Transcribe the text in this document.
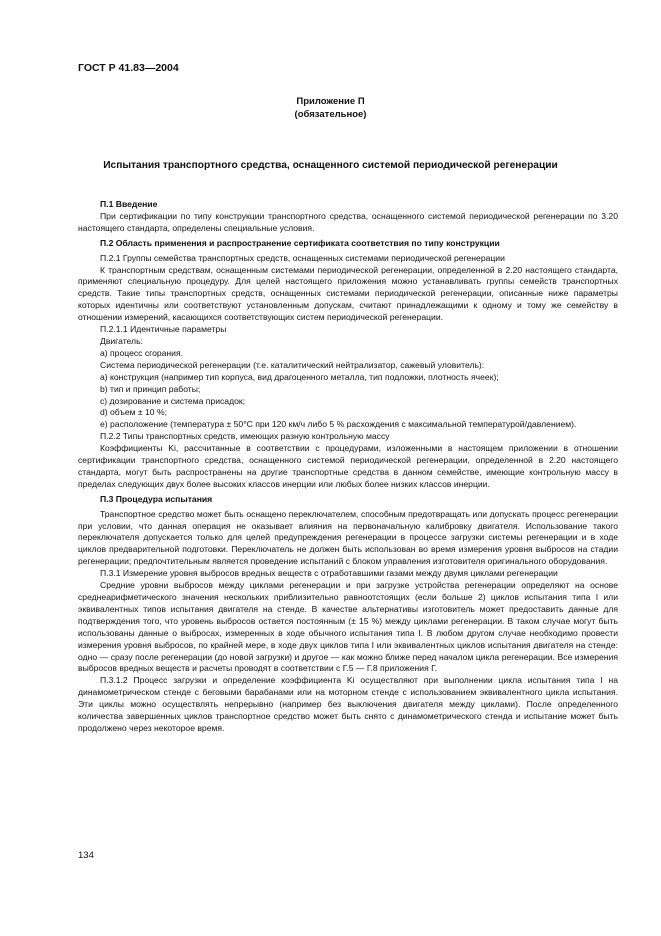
ГОСТ Р 41.83—2004
Приложение П
(обязательное)
Испытания транспортного средства, оснащенного системой периодической регенерации

П.1 Введение

При сертификации по типу конструкции транспортного средства, оснащенного системой периодической регенерации по 3.20 настоящего стандарта, определены специальные условия.

П.2 Область применения и распространение сертификата соответствия по типу конструкции

П.2.1 Группы семейства транспортных средств, оснащенных системами периодической регенерации

К транспортным средствам, оснащенным системами периодической регенерации, определенной в 2.20 настоящего стандарта, применяют специальную процедуру. Для целей настоящего приложения можно устанавливать группы семейств транспортных средств. Такие типы транспортных средств, оснащенных системами периодической регенерации, описанные ниже параметры которых идентичны или соответствуют установленным допускам, считают принадлежащими к одному и тому же семейству в отношении измерений, касающихся соответствующих систем периодической регенерации.

П.2.1.1 Идентичные параметры

Двигатель:

а) процесс сгорания.

Система периодической регенерации (т.е. каталитический нейтрализатор, сажевый уловитель):

а) конструкция (например тип корпуса, вид драгоценного металла, тип подложки, плотность ячеек);

b) тип и принцип работы;

c) дозирование и система присадок;

d) объем ± 10 %;

e) расположение (температура ± 50°С при 120 км/ч либо 5 % расхождения с максимальной температурой/давлением).

П.2.2 Типы транспортных средств, имеющих разную контрольную массу

Коэффициенты Ki, рассчитанные в соответствии с процедурами, изложенными в настоящем приложении в отношении сертификации транспортного средства, оснащенного системой периодической регенерации, определенной в 2.20 настоящего стандарта, могут быть распространены на другие транспортные средства в данном семействе, имеющие контрольную массу в пределах следующих двух более высоких классов инерции или любых более низких классов инерции.

П.3 Процедура испытания

Транспортное средство может быть оснащено переключателем, способным предотвращать или допускать процесс регенерации при условии, что данная операция не оказывает влияния на первоначальную калибровку двигателя. Использование такого переключателя допускается только для целей предупреждения регенерации в процессе загрузки системы регенерации и в ходе циклов предварительной подготовки. Переключатель не должен быть использован во время измерения уровня выбросов на стадии регенерации; предпочтительным является проведение испытаний с блоком управления изготовителя оригинального оборудования.

П.3.1 Измерение уровня выбросов вредных веществ с отработавшими газами между двумя циклами регенерации

Средние уровни выбросов между циклами регенерации и при загрузке устройства регенерации определяют на основе среднеарифметического значения нескольких приблизительно равноотстоящих (если больше 2) циклов испытания типа I или эквивалентных типов испытания двигателя на стенде. В качестве альтернативы изготовитель может предоставить данные для подтверждения того, что уровень выбросов остается постоянным (± 15 %) между циклами регенерации. В таком случае могут быть использованы данные о выбросах, измеренных в ходе обычного испытания типа I. В любом другом случае необходимо провести измерения уровня выбросов, по крайней мере, в ходе двух циклов типа I или эквивалентных циклов испытания двигателя на стенде: одно — сразу после регенерации (до новой загрузки) и другое — как можно ближе перед началом цикла регенерации. Все измерения выбросов вредных веществ и расчеты проводят в соответствии с Г.5 — Г.8 приложения Г.

П.3.1.2 Процесс загрузки и определение коэффициента Ki осуществляют при выполнении цикла испытания типа I на динамометрическом стенде с беговыми барабанами или на моторном стенде с использованием эквивалентного цикла испытания. Эти циклы можно осуществлять непрерывно (например без выключения двигателя между циклами). После определенного количества завершенных циклов транспортное средство может быть снято с динамометрического стенда и испытание может быть продолжено через некоторое время.

134
